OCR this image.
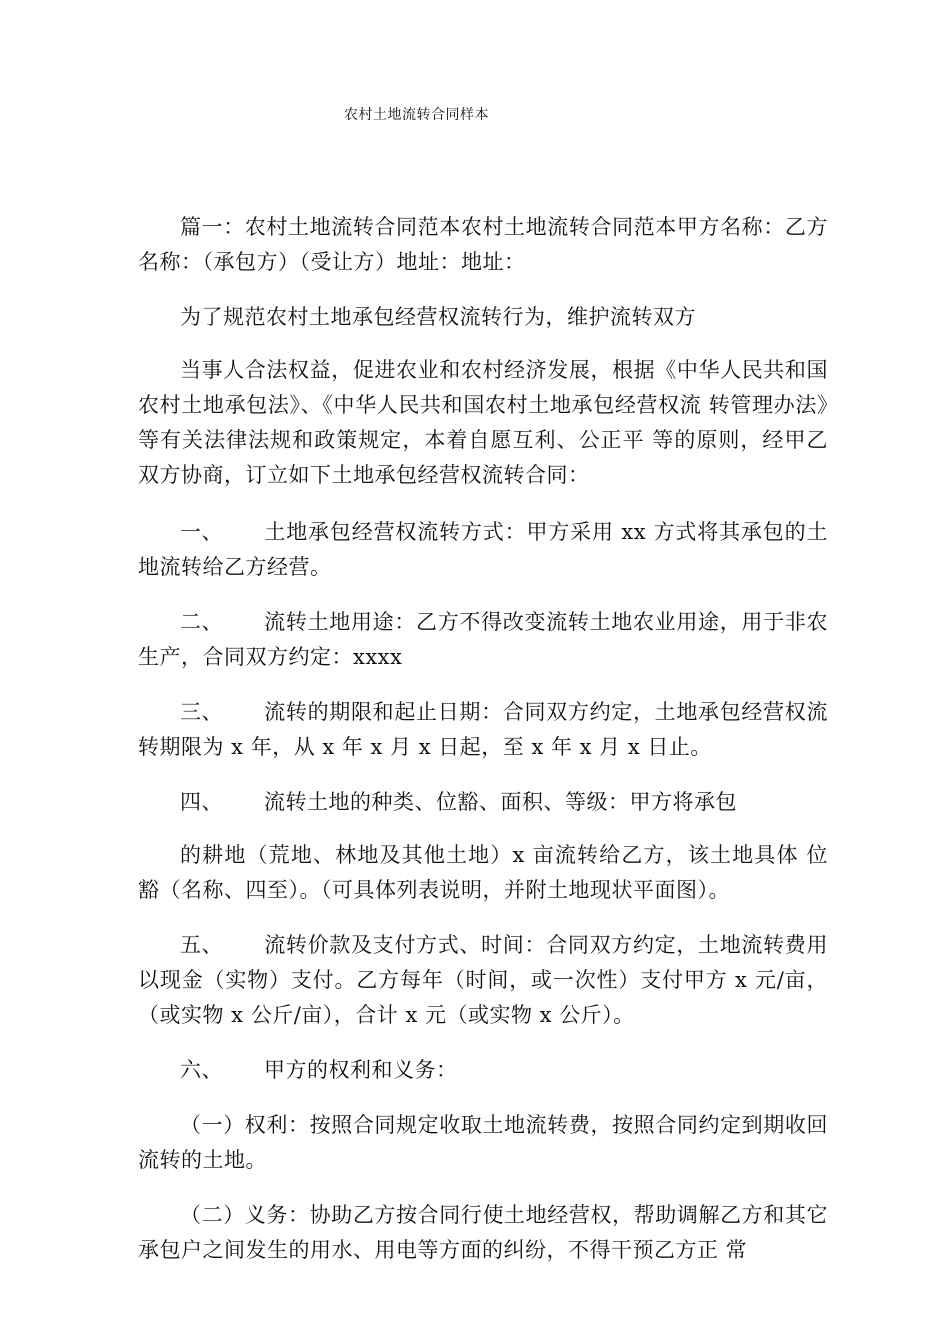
农村土地流转合同样本

篇一：农村土地流转合同范本农村土地流转合同范本甲方名称：乙方名称：（承包方）（受让方）地址：地址：

为了规范农村土地承包经营权流转行为，维护流转双方

当事人合法权益，促进农业和农村经济发展，根据《中华人民共和国农村土地承包法》、《中华人民共和国农村土地承包经营权流 转管理办法》等有关法律法规和政策规定，本着自愿互利、公正平 等的原则，经甲乙双方协商，订立如下土地承包经营权流转合同：

一、 土地承包经营权流转方式：甲方采用 xx 方式将其承包的土地流转给乙方经营。

二、 流转土地用途：乙方不得改变流转土地农业用途，用于非农 生产，合同双方约定：xxxx

三、 流转的期限和起止日期：合同双方约定，土地承包经营权流 转期限为 x 年，从 x 年 x 月 x 日起，至 x 年 x 月 x 日止。

四、 流转土地的种类、位豁、面积、等级：甲方将承包

的耕地（荒地、林地及其他土地）x 亩流转给乙方，该土地具体 位豁（名称、四至）。（可具体列表说明，并附土地现状平面图）。

五、 流转价款及支付方式、时间：合同双方约定，土地流转费用 以现金（实物）支付。乙方每年（时间，或一次性）支付甲方 x 元/亩，（或实物 x 公斤/亩），合计 x 元（或实物 x 公斤）。

六、 甲方的权利和义务：

（一）权利：按照合同规定收取土地流转费，按照合同约定到期收回流转的土地。

（二）义务：协助乙方按合同行使土地经营权，帮助调解乙方和其它承包户之间发生的用水、用电等方面的纠纷，不得干预乙方正 常
